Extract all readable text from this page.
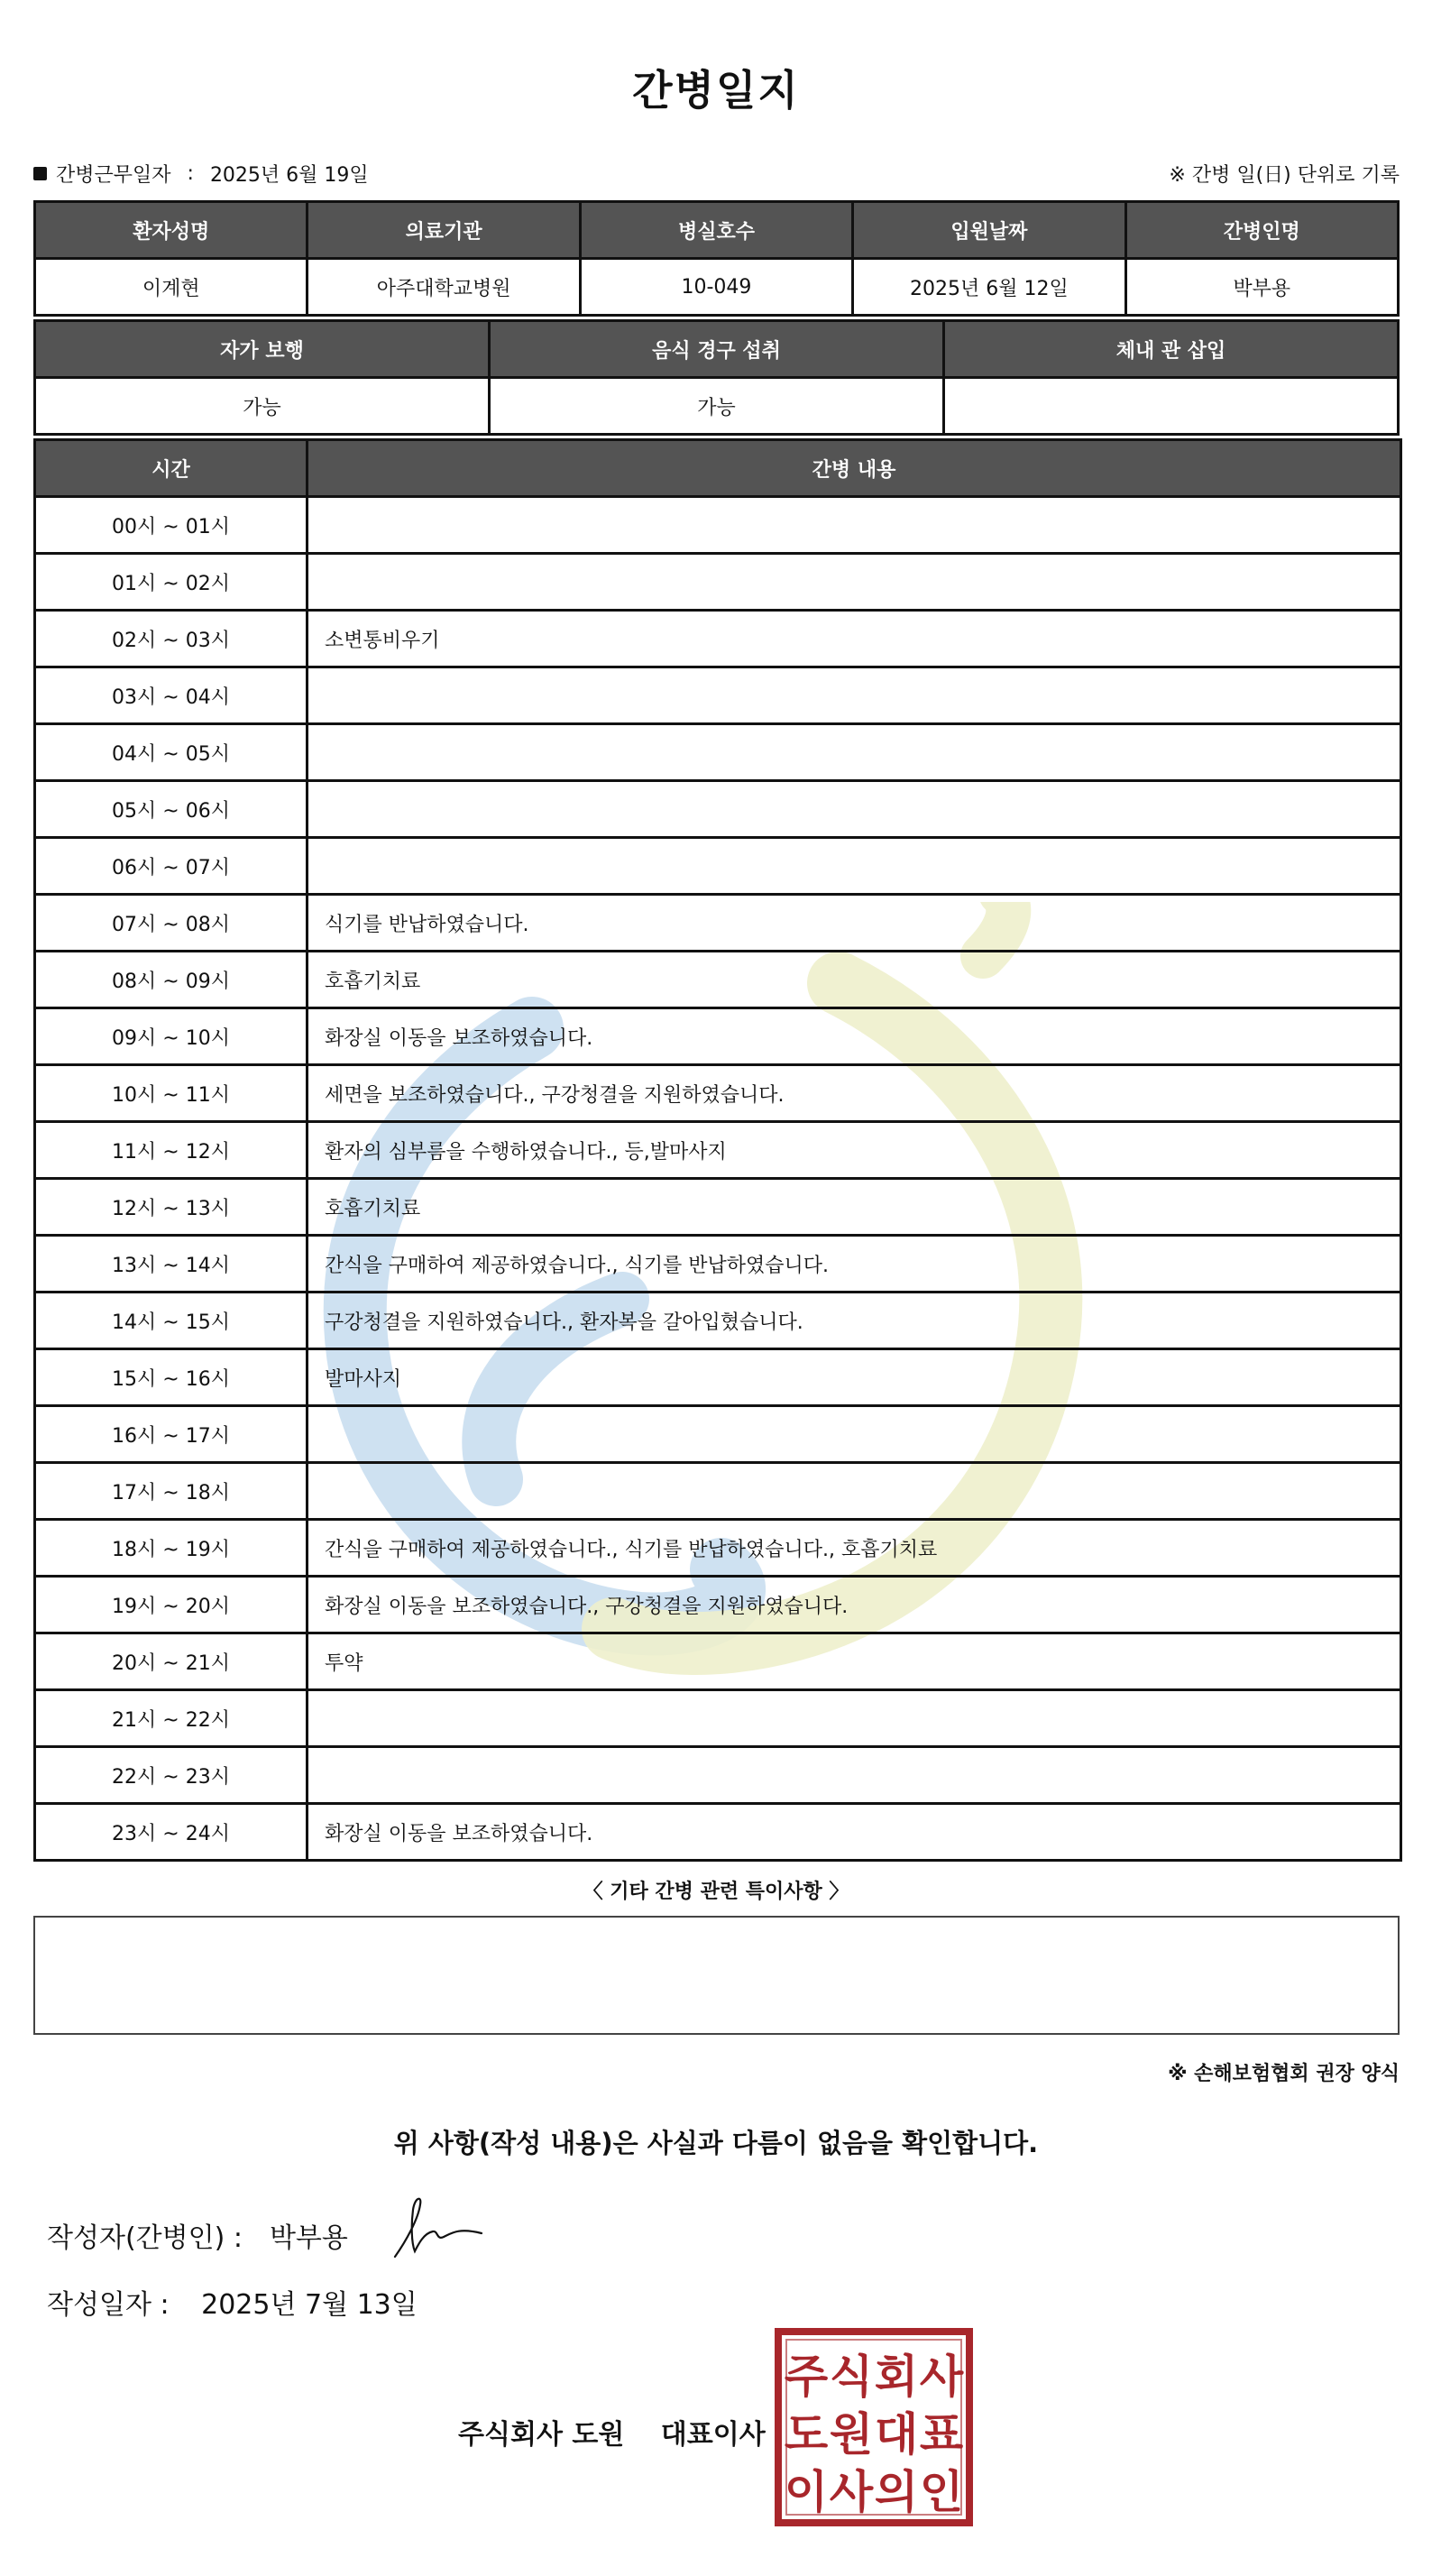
간병일지
간병근무일자 : 2025년 6월 19일	※ 간병 일(日) 단위로 기록
환자성명	의료기관	병실호수	입원날짜	간병인명
이계현	아주대학교병원	10-049	2025년 6월 12일	박부용
자가 보행	음식 경구 섭취	체내 관 삽입
가능	가능	
시간	간병 내용
00시 ~ 01시	
01시 ~ 02시	
02시 ~ 03시	소변통비우기
03시 ~ 04시	
04시 ~ 05시	
05시 ~ 06시	
06시 ~ 07시	
07시 ~ 08시	식기를 반납하였습니다.
08시 ~ 09시	호흡기치료
09시 ~ 10시	화장실 이동을 보조하였습니다.
10시 ~ 11시	세면을 보조하였습니다., 구강청결을 지원하였습니다.
11시 ~ 12시	환자의 심부름을 수행하였습니다., 등,발마사지
12시 ~ 13시	호흡기치료
13시 ~ 14시	간식을 구매하여 제공하였습니다., 식기를 반납하였습니다.
14시 ~ 15시	구강청결을 지원하였습니다., 환자복을 갈아입혔습니다.
15시 ~ 16시	발마사지
16시 ~ 17시	
17시 ~ 18시	
18시 ~ 19시	간식을 구매하여 제공하였습니다., 식기를 반납하였습니다., 호흡기치료
19시 ~ 20시	화장실 이동을 보조하였습니다., 구강청결을 지원하였습니다.
20시 ~ 21시	투약
21시 ~ 22시	
22시 ~ 23시	
23시 ~ 24시	화장실 이동을 보조하였습니다.
〈 기타 간병 관련 특이사항 〉
※ 손해보험협회 권장 양식
위 사항(작성 내용)은 사실과 다름이 없음을 확인합니다.
작성자(간병인) : 박부용
작성일자 : 2025년 7월 13일
주식회사 도원 대표이사
주 식 회 사
도 원 대 표
이 사 의 인
